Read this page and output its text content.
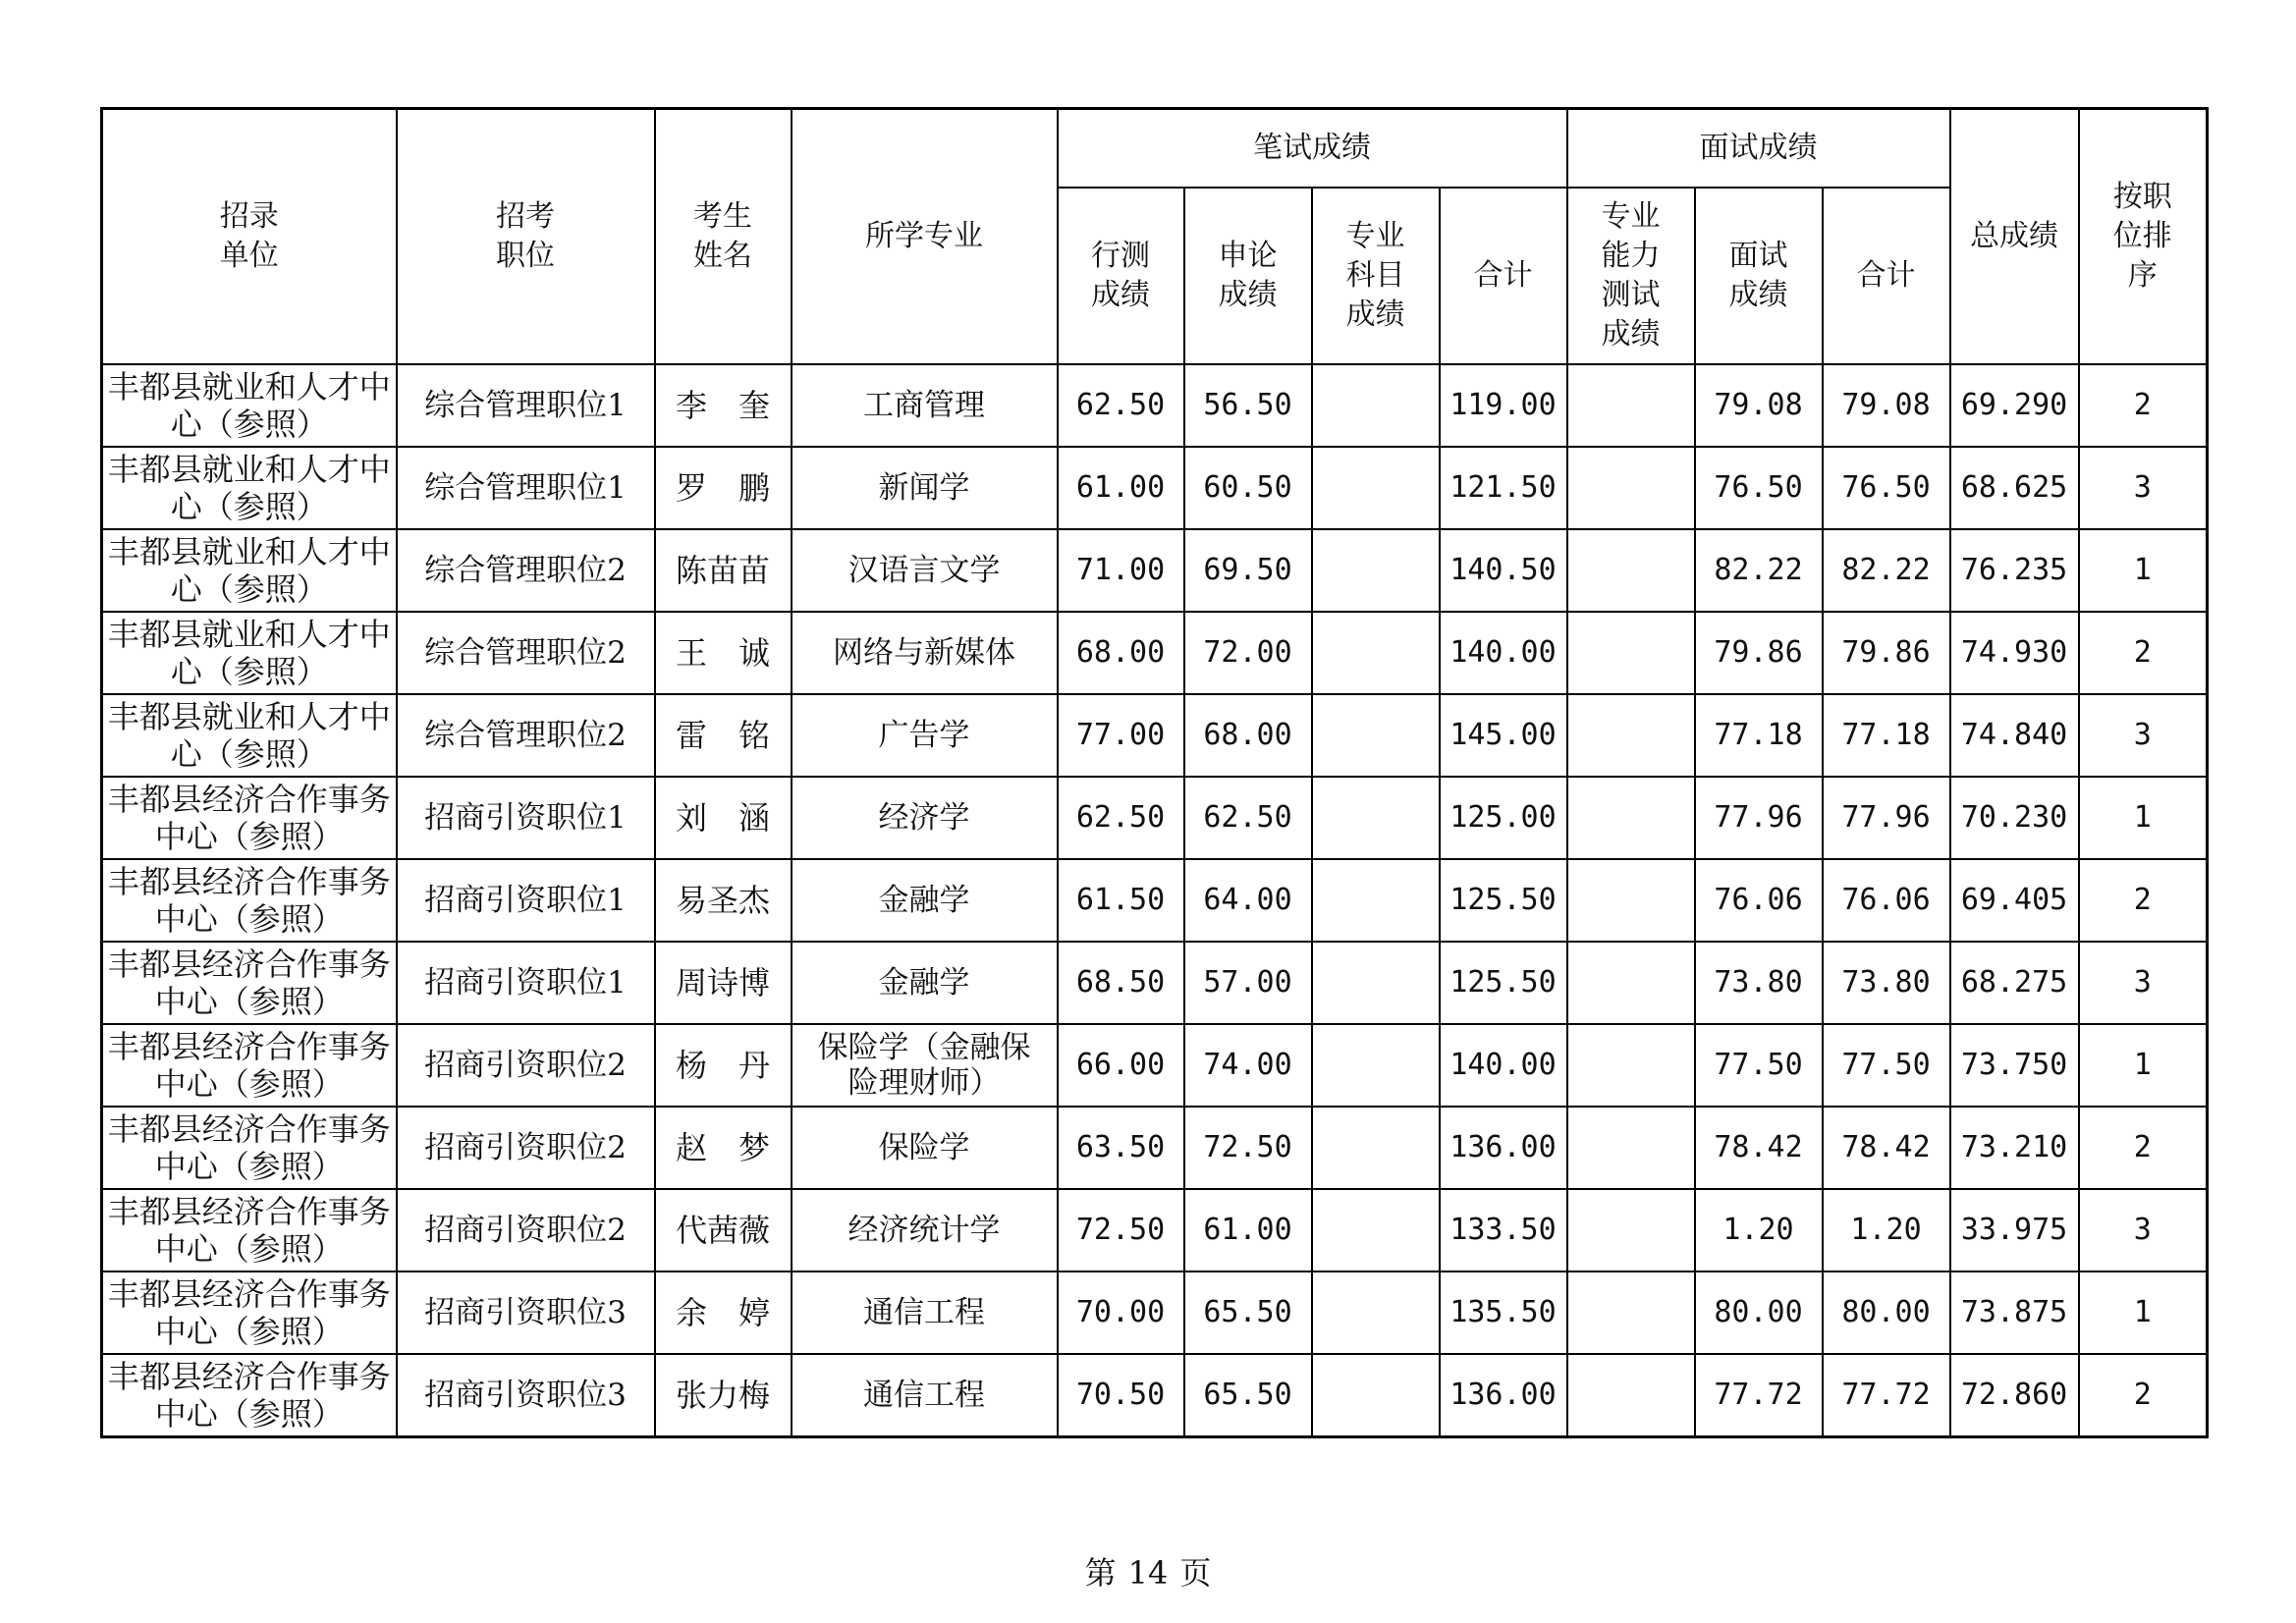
招录单位	招考职位	考生姓名	所学专业	笔试成绩				面试成绩			总成绩	按职位排序
				行测成绩	申论成绩	专业科目成绩	合计	专业能力测试成绩	面试成绩	合计		
丰都县就业和人才中心（参照）	综合管理职位1	李　奎	工商管理	62.50	56.50		119.00		79.08	79.08	69.290	2
丰都县就业和人才中心（参照）	综合管理职位1	罗　鹏	新闻学	61.00	60.50		121.50		76.50	76.50	68.625	3
丰都县就业和人才中心（参照）	综合管理职位2	陈苗苗	汉语言文学	71.00	69.50		140.50		82.22	82.22	76.235	1
丰都县就业和人才中心（参照）	综合管理职位2	王　诚	网络与新媒体	68.00	72.00		140.00		79.86	79.86	74.930	2
丰都县就业和人才中心（参照）	综合管理职位2	雷　铭	广告学	77.00	68.00		145.00		77.18	77.18	74.840	3
丰都县经济合作事务中心（参照）	招商引资职位1	刘　涵	经济学	62.50	62.50		125.00		77.96	77.96	70.230	1
丰都县经济合作事务中心（参照）	招商引资职位1	易圣杰	金融学	61.50	64.00		125.50		76.06	76.06	69.405	2
丰都县经济合作事务中心（参照）	招商引资职位1	周诗博	金融学	68.50	57.00		125.50		73.80	73.80	68.275	3
丰都县经济合作事务中心（参照）	招商引资职位2	杨　丹	保险学（金融保险理财师）	66.00	74.00		140.00		77.50	77.50	73.750	1
丰都县经济合作事务中心（参照）	招商引资职位2	赵　梦	保险学	63.50	72.50		136.00		78.42	78.42	73.210	2
丰都县经济合作事务中心（参照）	招商引资职位2	代茜薇	经济统计学	72.50	61.00		133.50		1.20	1.20	33.975	3
丰都县经济合作事务中心（参照）	招商引资职位3	余　婷	通信工程	70.00	65.50		135.50		80.00	80.00	73.875	1
丰都县经济合作事务中心（参照）	招商引资职位3	张力梅	通信工程	70.50	65.50		136.00		77.72	77.72	72.860	2
第 14 页
